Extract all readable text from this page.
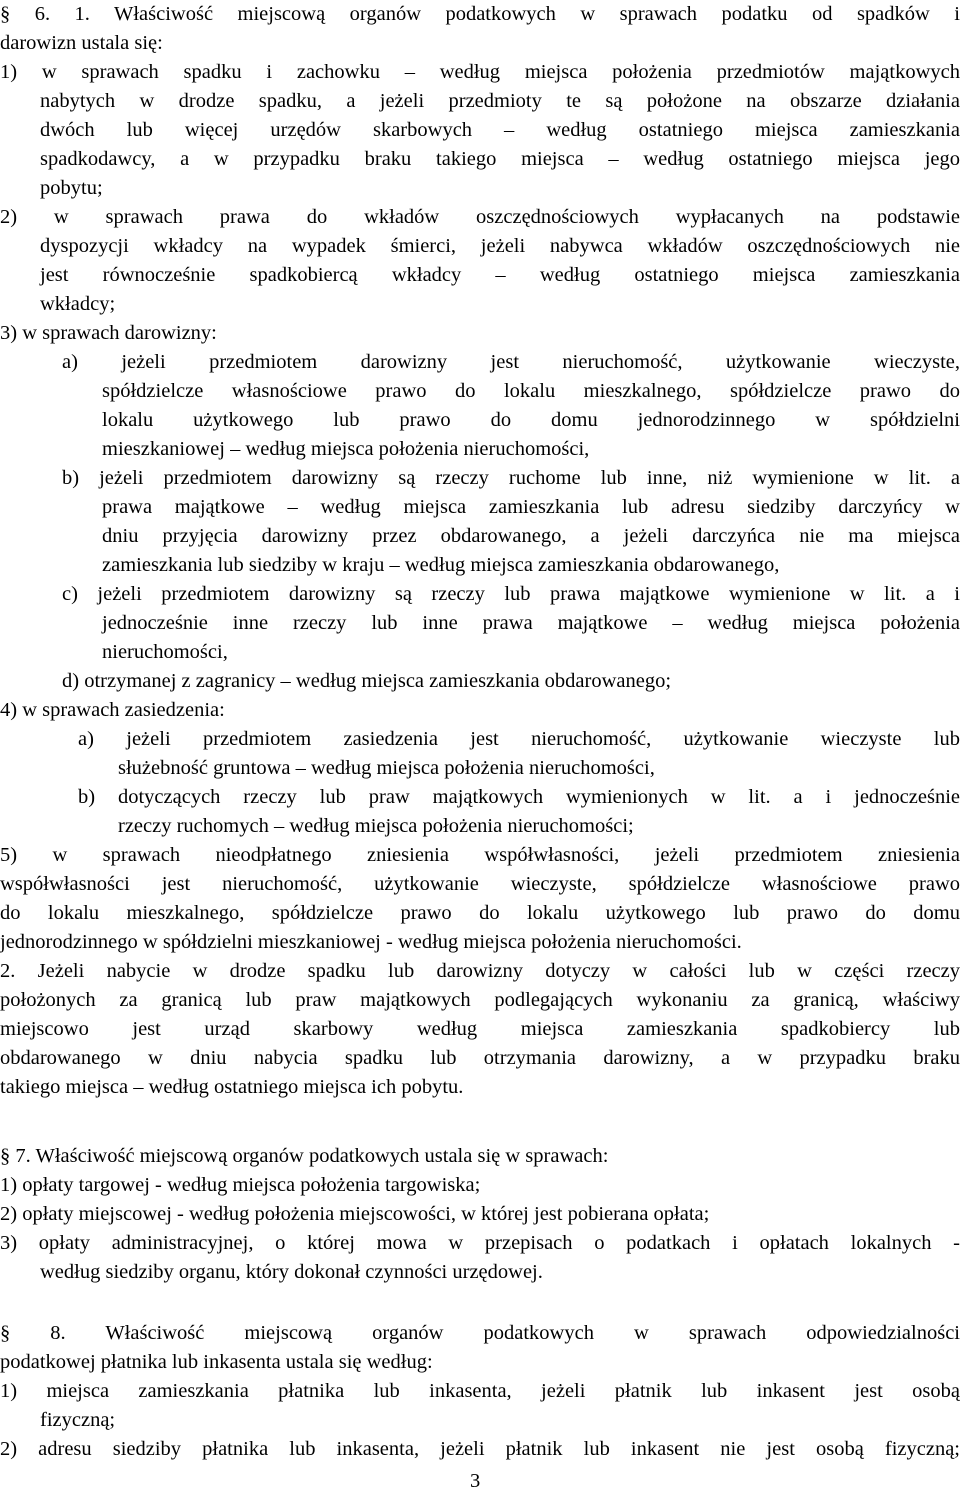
§ 6. 1. Właściwość miejscową organów podatkowych w sprawach podatku od spadków i
darowizn ustala się:
1) w sprawach spadku i zachowku – według miejsca położenia przedmiotów majątkowych
nabytych w drodze spadku, a jeżeli przedmioty te są położone na obszarze działania
dwóch lub więcej urzędów skarbowych – według ostatniego miejsca zamieszkania
spadkodawcy, a w przypadku braku takiego miejsca – według ostatniego miejsca jego
pobytu;
2) w sprawach prawa do wkładów oszczędnościowych wypłacanych na podstawie
dyspozycji wkładcy na wypadek śmierci, jeżeli nabywca wkładów oszczędnościowych nie
jest równocześnie spadkobiercą wkładcy – według ostatniego miejsca zamieszkania
wkładcy;
3) w sprawach darowizny:
a) jeżeli przedmiotem darowizny jest nieruchomość, użytkowanie wieczyste,
spółdzielcze własnościowe prawo do lokalu mieszkalnego, spółdzielcze prawo do
lokalu użytkowego lub prawo do domu jednorodzinnego w spółdzielni
mieszkaniowej – według miejsca położenia nieruchomości,
b) jeżeli przedmiotem darowizny są rzeczy ruchome lub inne, niż wymienione w lit. a
prawa majątkowe – według miejsca zamieszkania lub adresu siedziby darczyńcy w
dniu przyjęcia darowizny przez obdarowanego, a jeżeli darczyńca nie ma miejsca
zamieszkania lub siedziby w kraju – według miejsca zamieszkania obdarowanego,
c) jeżeli przedmiotem darowizny są rzeczy lub prawa majątkowe wymienione w lit. a i
jednocześnie inne rzeczy lub inne prawa majątkowe – według miejsca położenia
nieruchomości,
d) otrzymanej z zagranicy – według miejsca zamieszkania obdarowanego;
4) w sprawach zasiedzenia:
a) jeżeli przedmiotem zasiedzenia jest nieruchomość, użytkowanie wieczyste lub
służebność gruntowa – według miejsca położenia nieruchomości,
b) dotyczących rzeczy lub praw majątkowych wymienionych w lit. a i jednocześnie
rzeczy ruchomych – według miejsca położenia nieruchomości;
5) w sprawach nieodpłatnego zniesienia współwłasności, jeżeli przedmiotem zniesienia
współwłasności jest nieruchomość, użytkowanie wieczyste, spółdzielcze własnościowe prawo
do lokalu mieszkalnego, spółdzielcze prawo do lokalu użytkowego lub prawo do domu
jednorodzinnego w spółdzielni mieszkaniowej - według miejsca położenia nieruchomości.
2. Jeżeli nabycie w drodze spadku lub darowizny dotyczy w całości lub w części rzeczy
położonych za granicą lub praw majątkowych podlegających wykonaniu za granicą, właściwy
miejscowo jest urząd skarbowy według miejsca zamieszkania spadkobiercy lub
obdarowanego w dniu nabycia spadku lub otrzymania darowizny, a w przypadku braku
takiego miejsca – według ostatniego miejsca ich pobytu.
§ 7. Właściwość miejscową organów podatkowych ustala się w sprawach:
1) opłaty targowej - według miejsca położenia targowiska;
2) opłaty miejscowej - według położenia miejscowości, w której jest pobierana opłata;
3) opłaty administracyjnej, o której mowa w przepisach o podatkach i opłatach lokalnych -
według siedziby organu, który dokonał czynności urzędowej.
§ 8. Właściwość miejscową organów podatkowych w sprawach odpowiedzialności
podatkowej płatnika lub inkasenta ustala się według:
1) miejsca zamieszkania płatnika lub inkasenta, jeżeli płatnik lub inkasent jest osobą
fizyczną;
2) adresu siedziby płatnika lub inkasenta, jeżeli płatnik lub inkasent nie jest osobą fizyczną;
3
